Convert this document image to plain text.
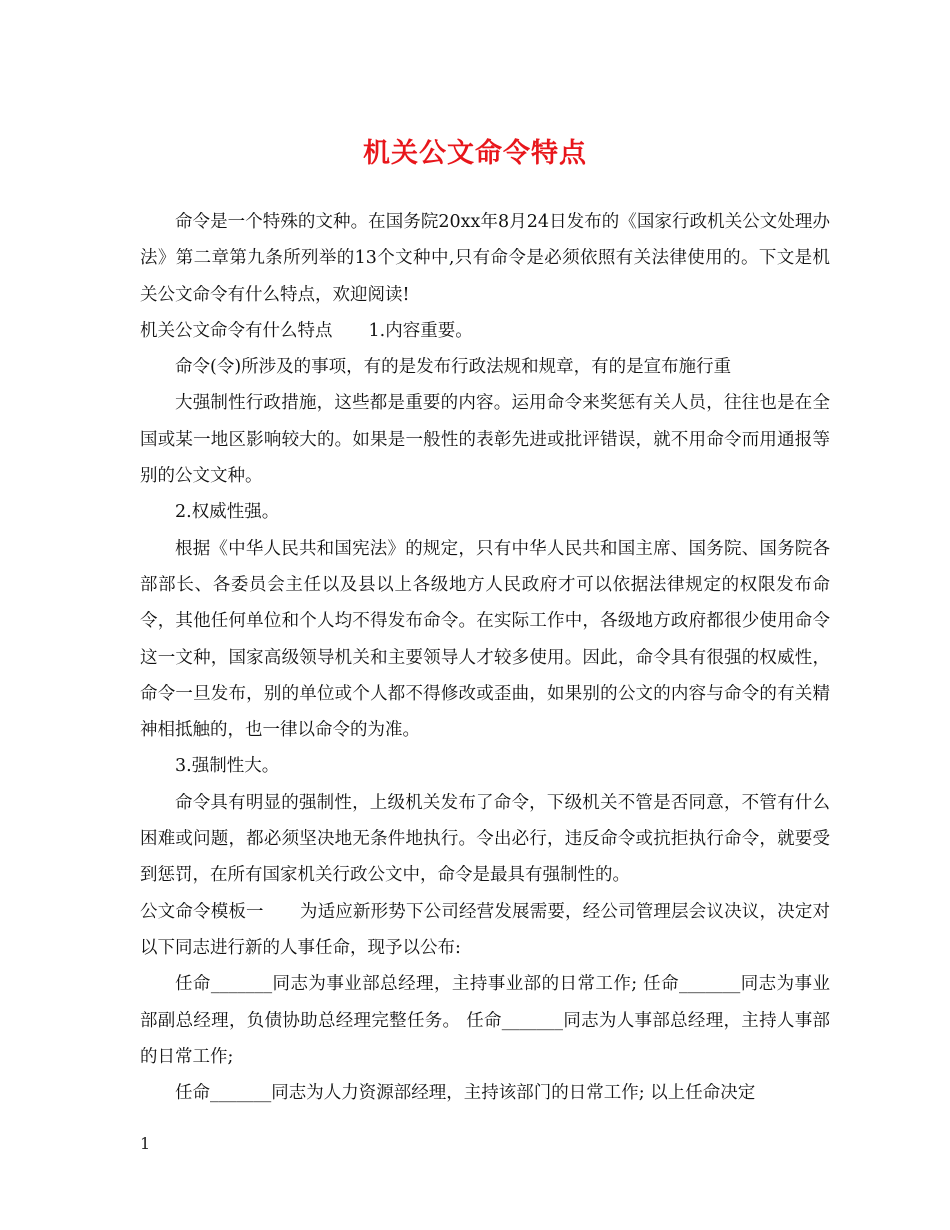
机关公文命令特点

命令是一个特殊的文种。在国务院20xx年8月24日发布的《国家行政机关公文处理办法》第二章第九条所列举的13个文种中,只有命令是必须依照有关法律使用的。下文是机关公文命令有什么特点，欢迎阅读!

机关公文命令有什么特点 1.内容重要。

命令(令)所涉及的事项，有的是发布行政法规和规章，有的是宣布施行重

大强制性行政措施，这些都是重要的内容。运用命令来奖惩有关人员，往往也是在全国或某一地区影响较大的。如果是一般性的表彰先进或批评错误，就不用命令而用通报等别的公文文种。

2.权威性强。

根据《中华人民共和国宪法》的规定，只有中华人民共和国主席、国务院、国务院各部部长、各委员会主任以及县以上各级地方人民政府才可以依据法律规定的权限发布命令，其他任何单位和个人均不得发布命令。在实际工作中，各级地方政府都很少使用命令这一文种，国家高级领导机关和主要领导人才较多使用。因此，命令具有很强的权威性，命令一旦发布，别的单位或个人都不得修改或歪曲，如果别的公文的内容与命令的有关精神相抵触的，也一律以命令的为准。

3.强制性大。

命令具有明显的强制性，上级机关发布了命令，下级机关不管是否同意，不管有什么困难或问题，都必须坚决地无条件地执行。令出必行，违反命令或抗拒执行命令，就要受到惩罚，在所有国家机关行政公文中，命令是最具有强制性的。

公文命令模板一 为适应新形势下公司经营发展需要，经公司管理层会议决议，决定对以下同志进行新的人事任命，现予以公布:

任命_______同志为事业部总经理，主持事业部的日常工作; 任命_______同志为事业部副总经理，负债协助总经理完整任务。 任命_______同志为人事部总经理，主持人事部的日常工作;

任命_______同志为人力资源部经理，主持该部门的日常工作; 以上任命决定

1
